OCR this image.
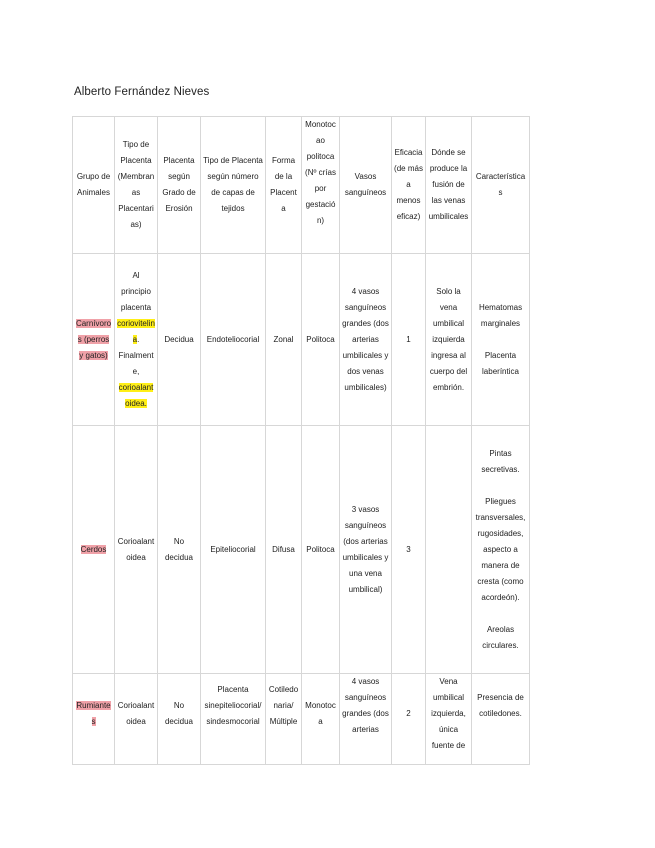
Alberto Fernández Nieves
Grupo de Animales	Tipo de Placenta (Membranas Placentarias)	Placenta según Grado de Erosión	Tipo de Placenta según número de capas de tejidos	Forma de la Placenta	Monotocao politoca (Nº crías por gestación)	Vasos sanguíneos	Eficacia (de más a menos eficaz)	Dónde se produce la fusión de las venas umbilicales	Características
Carnívoros (perros y gatos)	Al principio placenta coriovitelina. Finalmente, corioalantoidea.	Decidua	Endoteliocorial	Zonal	Politoca	4 vasos sanguíneos grandes (dos arterias umbilicales y dos venas umbilicales)	1	Solo la vena umbilical izquierda ingresa al cuerpo del embrión.	Hematomas marginales
Placenta laberíntica
Cerdos	Corioalantoidea	No decidua	Epiteliocorial	Difusa	Politoca	3 vasos sanguíneos (dos arterias umbilicales y una vena umbilical)	3		Pintas secretivas.
Pliegues transversales, rugosidades, aspecto a manera de cresta (como acordeón).
Areolas circulares.
Rumiantes	Corioalantoidea	No decidua	Placenta sinepiteliocorial/sindesmocorial	Cotiledonaria/ Múltiple	Monotoca	4 vasos sanguíneos grandes (dos arterias	2	Vena umbilical izquierda, única fuente de	Presencia de cotiledones.
